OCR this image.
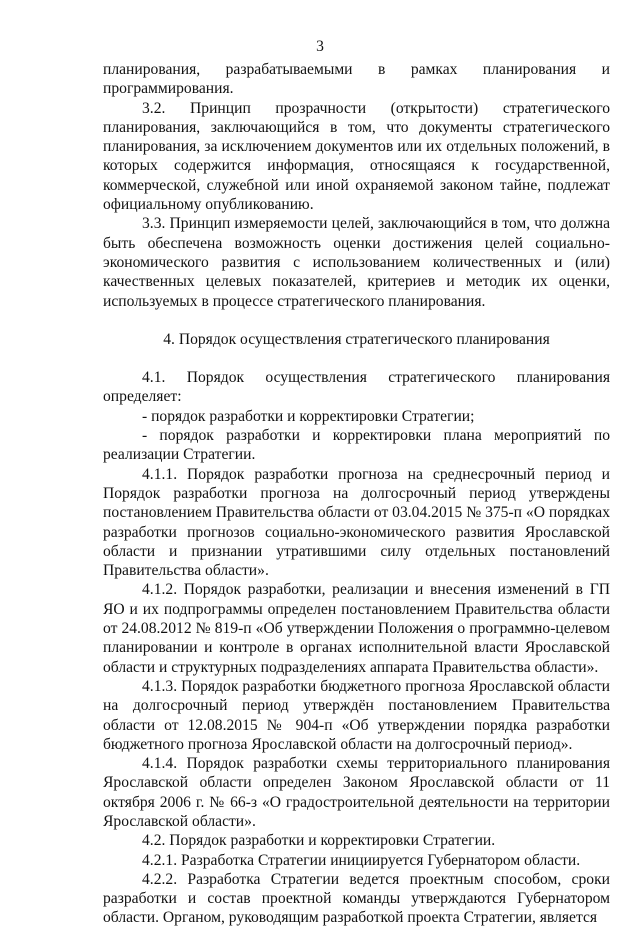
3

планирования, разрабатываемыми в рамках планирования и программирования.

3.2. Принцип прозрачности (открытости) стратегического планирования, заключающийся в том, что документы стратегического планирования, за исключением документов или их отдельных положений, в которых содержится информация, относящаяся к государственной, коммерческой, служебной или иной охраняемой законом тайне, подлежат официальному опубликованию.

3.3. Принцип измеряемости целей, заключающийся в том, что должна быть обеспечена возможность оценки достижения целей социально-экономического развития с использованием количественных и (или) качественных целевых показателей, критериев и методик их оценки, используемых в процессе стратегического планирования.

4. Порядок осуществления стратегического планирования

4.1. Порядок осуществления стратегического планирования определяет:

- порядок разработки и корректировки Стратегии;

- порядок разработки и корректировки плана мероприятий по реализации Стратегии.

4.1.1. Порядок разработки прогноза на среднесрочный период и Порядок разработки прогноза на долгосрочный период утверждены постановлением Правительства области от 03.04.2015 № 375-п «О порядках разработки прогнозов социально-экономического развития Ярославской области и признании утратившими силу отдельных постановлений Правительства области».

4.1.2. Порядок разработки, реализации и внесения изменений в ГП ЯО и их подпрограммы определен постановлением Правительства области от 24.08.2012 № 819-п «Об утверждении Положения о программно-целевом планировании и контроле в органах исполнительной власти Ярославской области и структурных подразделениях аппарата Правительства области».

4.1.3. Порядок разработки бюджетного прогноза Ярославской области на долгосрочный период утверждён постановлением Правительства области от 12.08.2015 № 904-п «Об утверждении порядка разработки бюджетного прогноза Ярославской области на долгосрочный период».

4.1.4. Порядок разработки схемы территориального планирования Ярославской области определен Законом Ярославской области от 11 октября 2006 г. № 66-з «О градостроительной деятельности на территории Ярославской области».

4.2. Порядок разработки и корректировки Стратегии.

4.2.1. Разработка Стратегии инициируется Губернатором области.

4.2.2. Разработка Стратегии ведется проектным способом, сроки разработки и состав проектной команды утверждаются Губернатором области. Органом, руководящим разработкой проекта Стратегии, является
